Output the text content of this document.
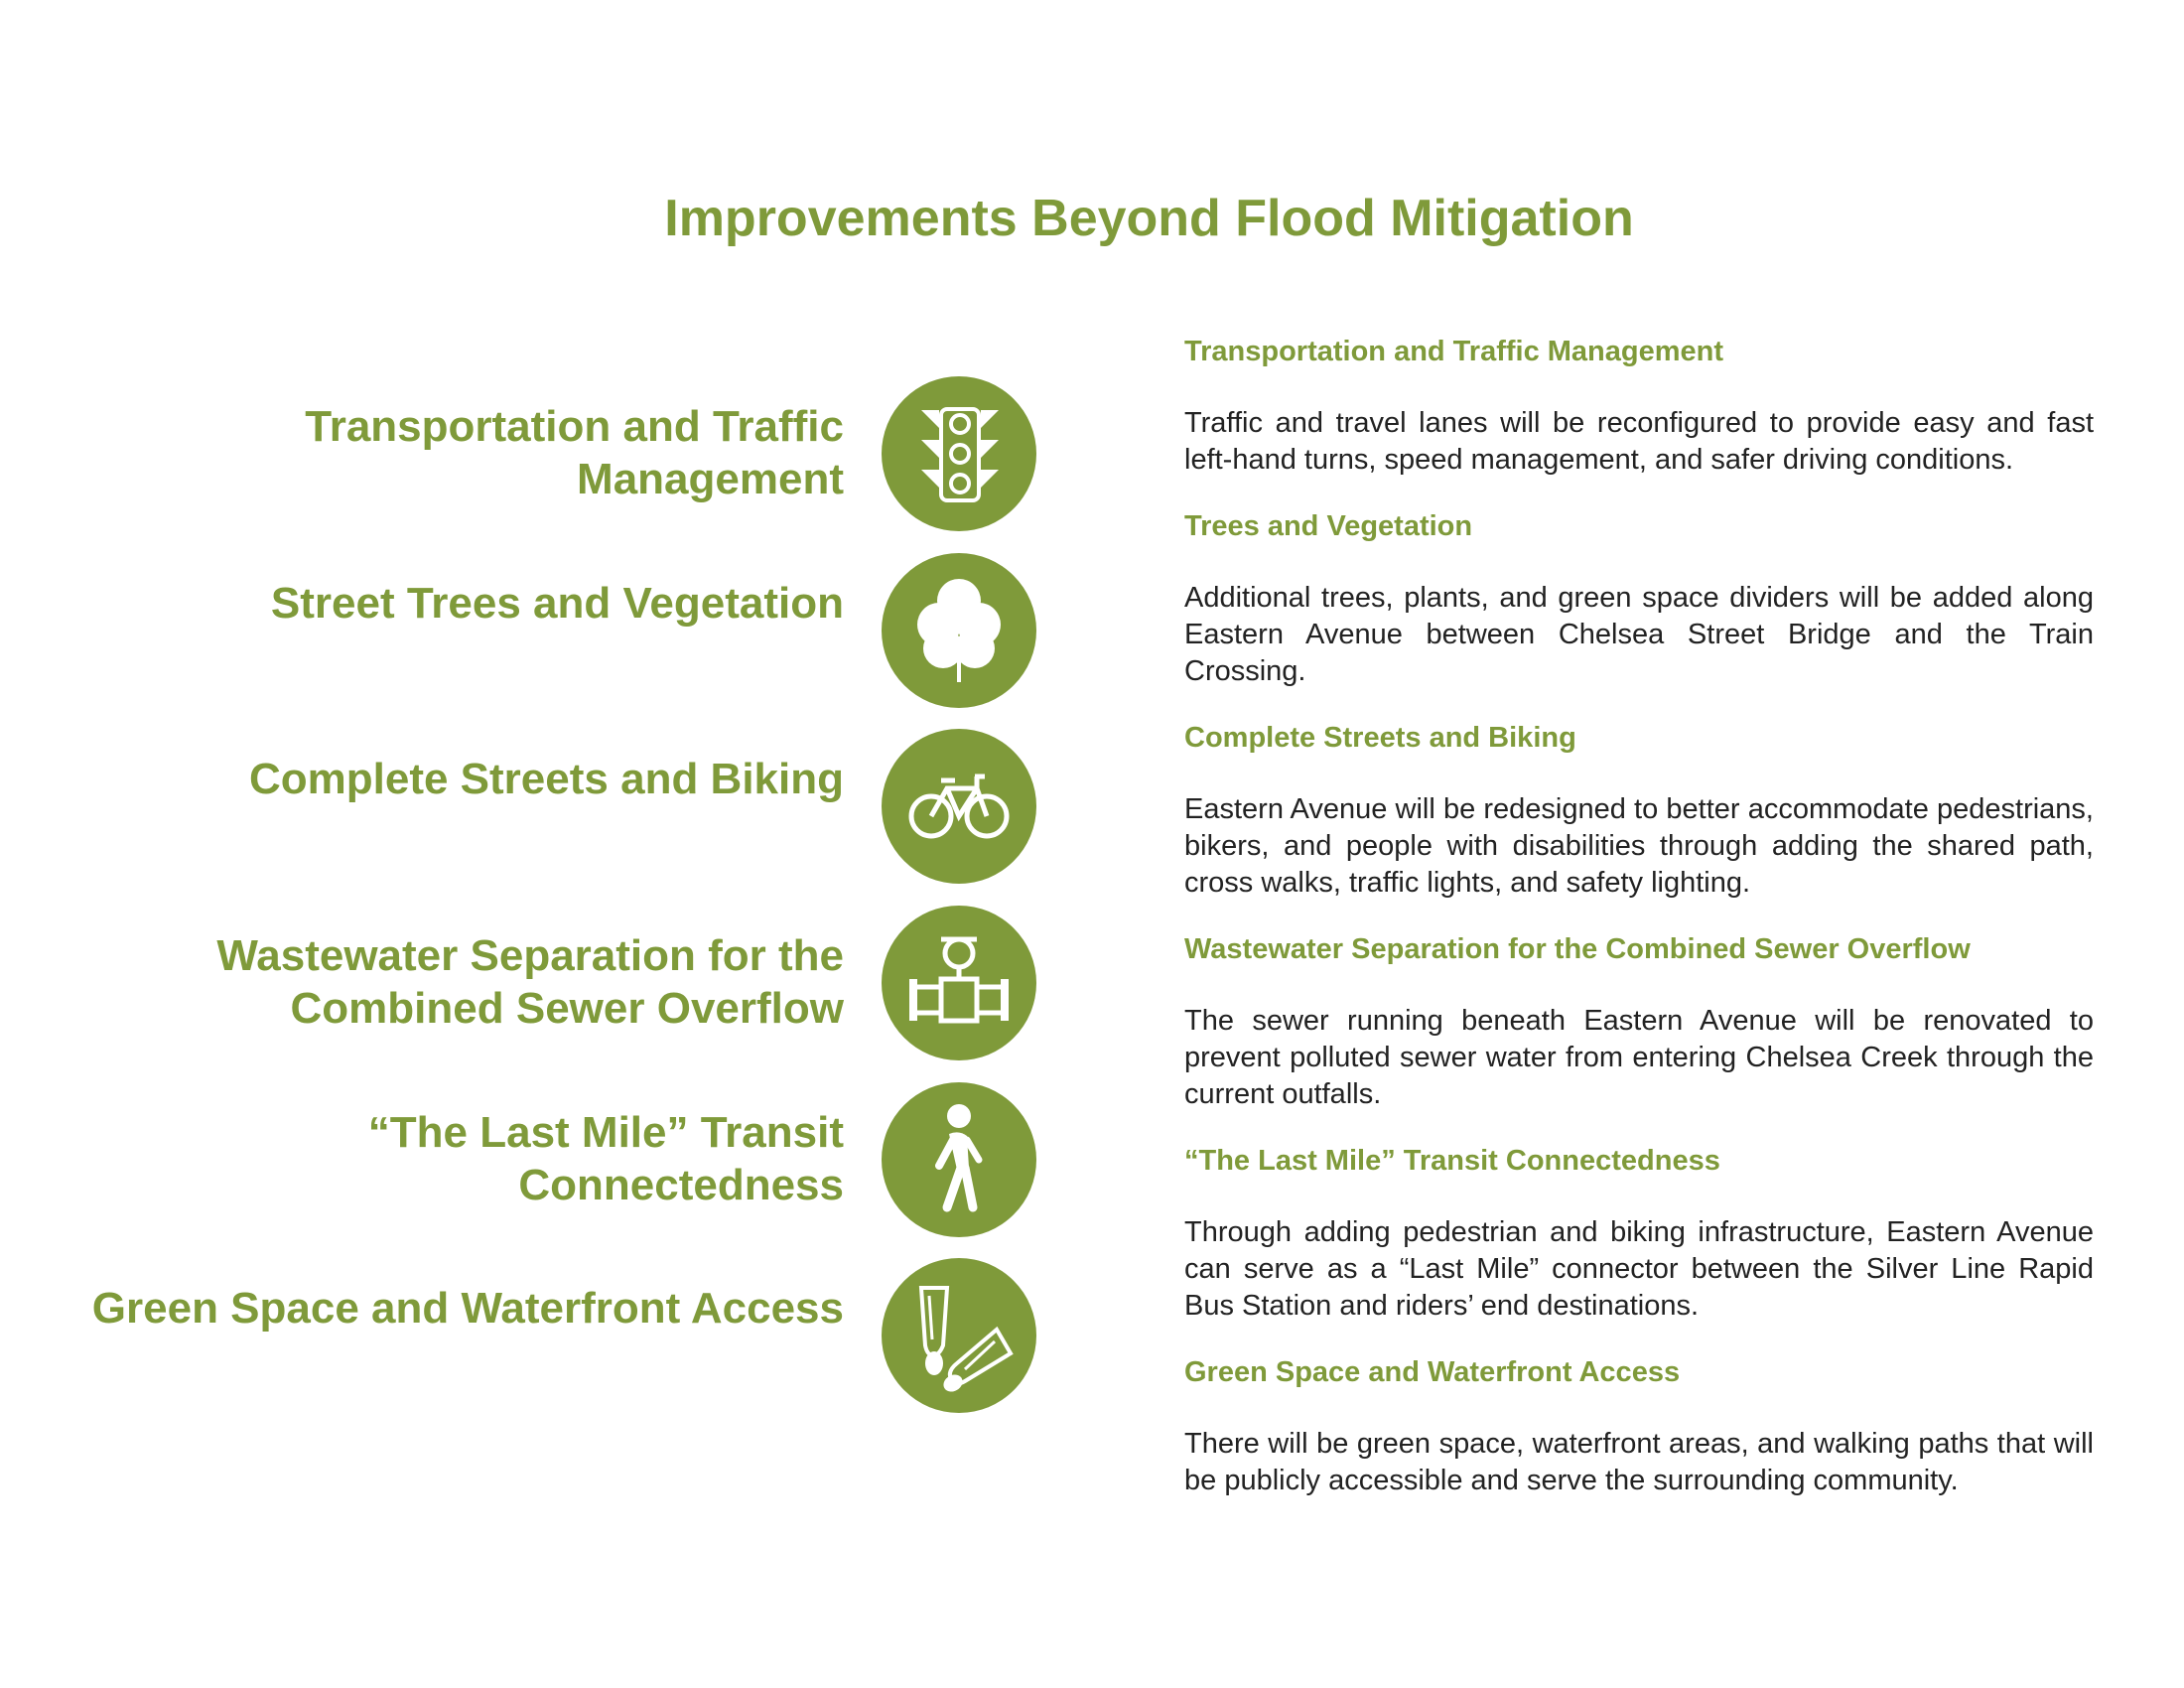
Improvements Beyond Flood Mitigation
Transportation and Traffic Management
Street Trees and Vegetation
Complete Streets and Biking
Wastewater Separation for the Combined Sewer Overflow
“The Last Mile” Transit Connectedness
Green Space and Waterfront Access
Transportation and Traffic Management

Traffic and travel lanes will be reconfigured to provide easy and fast left-hand turns, speed management, and safer driving conditions.

Trees and Vegetation

Additional trees, plants, and green space dividers will be added along Eastern Avenue between Chelsea Street Bridge and the Train Crossing.

Complete Streets and Biking

Eastern Avenue will be redesigned to better accommodate pedestrians, bikers, and people with disabilities through adding the shared path, cross walks, traffic lights, and safety lighting.

Wastewater Separation for the Combined Sewer Overflow

The sewer running beneath Eastern Avenue will be renovated to prevent polluted sewer water from entering Chelsea Creek through the current outfalls.

“The Last Mile” Transit Connectedness

Through adding pedestrian and biking infrastructure, Eastern Avenue can serve as a “Last Mile” connector between the Silver Line Rapid Bus Station and riders’ end destinations.

Green Space and Waterfront Access

There will be green space, waterfront areas, and walking paths that will be publicly accessible and serve the surrounding community.
